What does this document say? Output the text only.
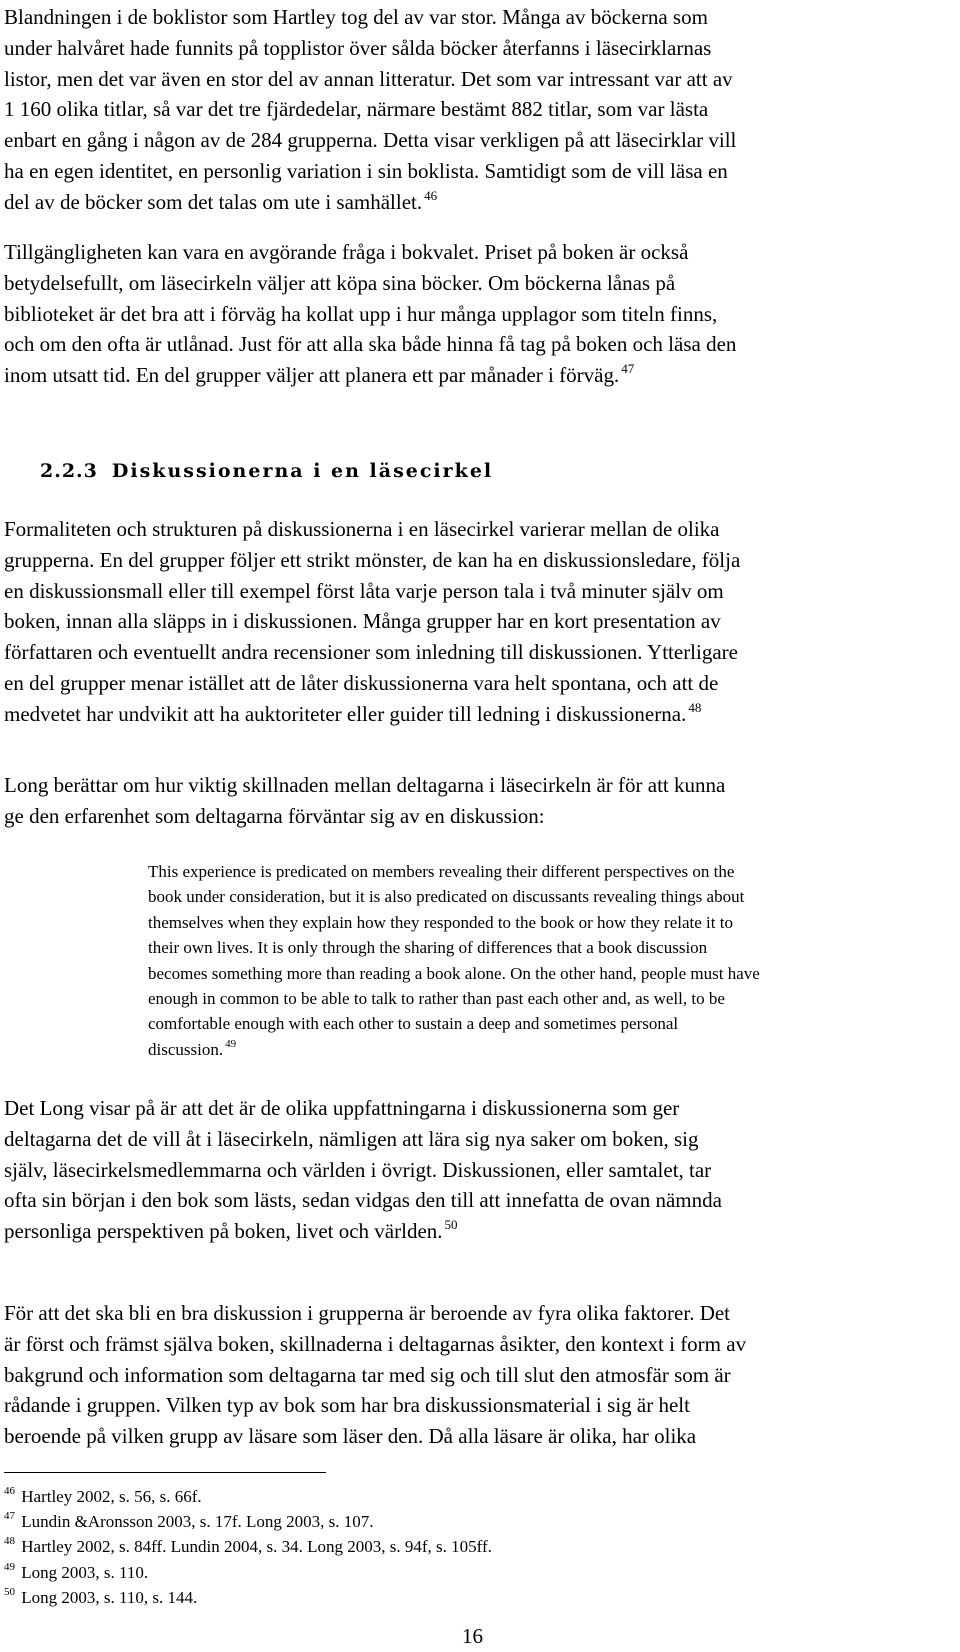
Blandningen i de boklistor som Hartley tog del av var stor. Många av böckerna som
under halvåret hade funnits på topplistor över sålda böcker återfanns i läsecirklarnas
listor, men det var även en stor del av annan litteratur. Det som var intressant var att av
1 160 olika titlar, så var det tre fjärdedelar, närmare bestämt 882 titlar, som var lästa
enbart en gång i någon av de 284 grupperna. Detta visar verkligen på att läsecirklar vill
ha en egen identitet, en personlig variation i sin boklista. Samtidigt som de vill läsa en
del av de böcker som det talas om ute i samhället. $^{46}$

Tillgängligheten kan vara en avgörande fråga i bokvalet. Priset på boken är också
betydelsefullt, om läsecirkeln väljer att köpa sina böcker. Om böckerna lånas på
biblioteket är det bra att i förväg ha kollat upp i hur många upplagor som titeln finns,
och om den ofta är utlånad. Just för att alla ska både hinna få tag på boken och läsa den
inom utsatt tid. En del grupper väljer att planera ett par månader i förväg. $^{47}$

2.2.3 Diskussionerna i en läsecirkel

Formaliteten och strukturen på diskussionerna i en läsecirkel varierar mellan de olika
grupperna. En del grupper följer ett strikt mönster, de kan ha en diskussionsledare, följa
en diskussionsmall eller till exempel först låta varje person tala i två minuter själv om
boken, innan alla släpps in i diskussionen. Många grupper har en kort presentation av
författaren och eventuellt andra recensioner som inledning till diskussionen. Ytterligare
en del grupper menar istället att de låter diskussionerna vara helt spontana, och att de
medvetet har undvikit att ha auktoriteter eller guider till ledning i diskussionerna. $^{48}$

Long berättar om hur viktig skillnaden mellan deltagarna i läsecirkeln är för att kunna
ge den erfarenhet som deltagarna förväntar sig av en diskussion:

This experience is predicated on members revealing their different perspectives on the
book under consideration, but it is also predicated on discussants revealing things about
themselves when they explain how they responded to the book or how they relate it to
their own lives. It is only through the sharing of differences that a book discussion
becomes something more than reading a book alone. On the other hand, people must have
enough in common to be able to talk to rather than past each other and, as well, to be
comfortable enough with each other to sustain a deep and sometimes personal
discussion. $^{49}$

Det Long visar på är att det är de olika uppfattningarna i diskussionerna som ger
deltagarna det de vill åt i läsecirkeln, nämligen att lära sig nya saker om boken, sig
själv, läsecirkelsmedlemmarna och världen i övrigt. Diskussionen, eller samtalet, tar
ofta sin början i den bok som lästs, sedan vidgas den till att innefatta de ovan nämnda
personliga perspektiven på boken, livet och världen. $^{50}$

För att det ska bli en bra diskussion i grupperna är beroende av fyra olika faktorer. Det
är först och främst själva boken, skillnaderna i deltagarnas åsikter, den kontext i form av
bakgrund och information som deltagarna tar med sig och till slut den atmosfär som är
rådande i gruppen. Vilken typ av bok som har bra diskussionsmaterial i sig är helt
beroende på vilken grupp av läsare som läser den. Då alla läsare är olika, har olika

$^{46}$ Hartley 2002, s. 56, s. 66f.
$^{47}$ Lundin &Aronsson 2003, s. 17f. Long 2003, s. 107.
$^{48}$ Hartley 2002, s. 84ff. Lundin 2004, s. 34. Long 2003, s. 94f, s. 105ff.
$^{49}$ Long 2003, s. 110.
$^{50}$ Long 2003, s. 110, s. 144.

16
